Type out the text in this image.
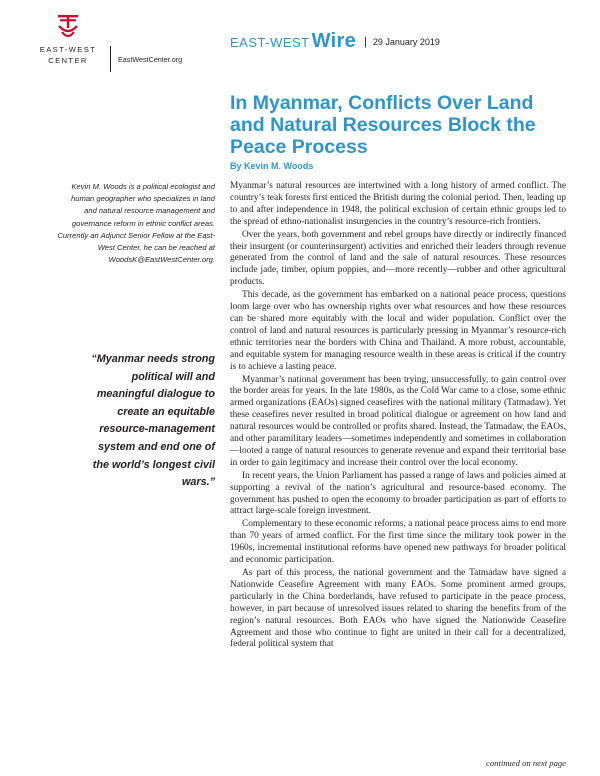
EAST-WEST
CENTER	EastWestCenter.org
EAST-WEST Wire | 29 January 2019
In Myanmar, Conflicts Over Land and Natural Resources Block the Peace Process
By Kevin M. Woods

Kevin M. Woods is a political ecologist and human geographer who specializes in land and natural resource management and governance reform in ethnic conflict areas.

Currently an Adjunct Senior Fellow at the East-West Center, he can be reached at WoodsK@EastWestCenter.org.

“Myanmar needs strong political will and meaningful dialogue to create an equitable resource-management system and end one of the world’s longest civil wars.”

Myanmar’s natural resources are intertwined with a long history of armed conflict. The country’s teak forests first enticed the British during the colonial period. Then, leading up to and after independence in 1948, the political exclusion of certain ethnic groups led to the spread of ethno-nationalist insurgencies in the country’s resource-rich frontiers.

Over the years, both government and rebel groups have directly or indirectly financed their insurgent (or counterinsurgent) activities and enriched their leaders through revenue generated from the control of land and the sale of natural resources. These resources include jade, timber, opium poppies, and—more recently—rubber and other agricultural products.

This decade, as the government has embarked on a national peace process, questions loom large over who has ownership rights over what resources and how these resources can be shared more equitably with the local and wider population. Conflict over the control of land and natural resources is particularly pressing in Myanmar’s resource-rich ethnic territories near the borders with China and Thailand. A more robust, accountable, and equitable system for managing resource wealth in these areas is critical if the country is to achieve a lasting peace.

Myanmar’s national government has been trying, unsuccessfully, to gain control over the border areas for years. In the late 1980s, as the Cold War came to a close, some ethnic armed organizations (EAOs) signed ceasefires with the national military (Tatmadaw). Yet these ceasefires never resulted in broad political dialogue or agreement on how land and natural resources would be controlled or profits shared. Instead, the Tatmadaw, the EAOs, and other paramilitary leaders—sometimes independently and sometimes in collaboration—looted a range of natural resources to generate revenue and expand their territorial base in order to gain legitimacy and increase their control over the local economy.

In recent years, the Union Parliament has passed a range of laws and policies aimed at supporting a revival of the nation’s agricultural and resource-based economy. The government has pushed to open the economy to broader participation as part of efforts to attract large-scale foreign investment.

Complementary to these economic reforms, a national peace process aims to end more than 70 years of armed conflict. For the first time since the military took power in the 1960s, incremental institutional reforms have opened new pathways for broader political and economic participation.

As part of this process, the national government and the Tatmadaw have signed a Nationwide Ceasefire Agreement with many EAOs. Some prominent armed groups, particularly in the China borderlands, have refused to participate in the peace process, however, in part because of unresolved issues related to sharing the benefits from of the region’s natural resources. Both EAOs who have signed the Nationwide Ceasefire Agreement and those who continue to fight are united in their call for a decentralized, federal political system that

continued on next page
